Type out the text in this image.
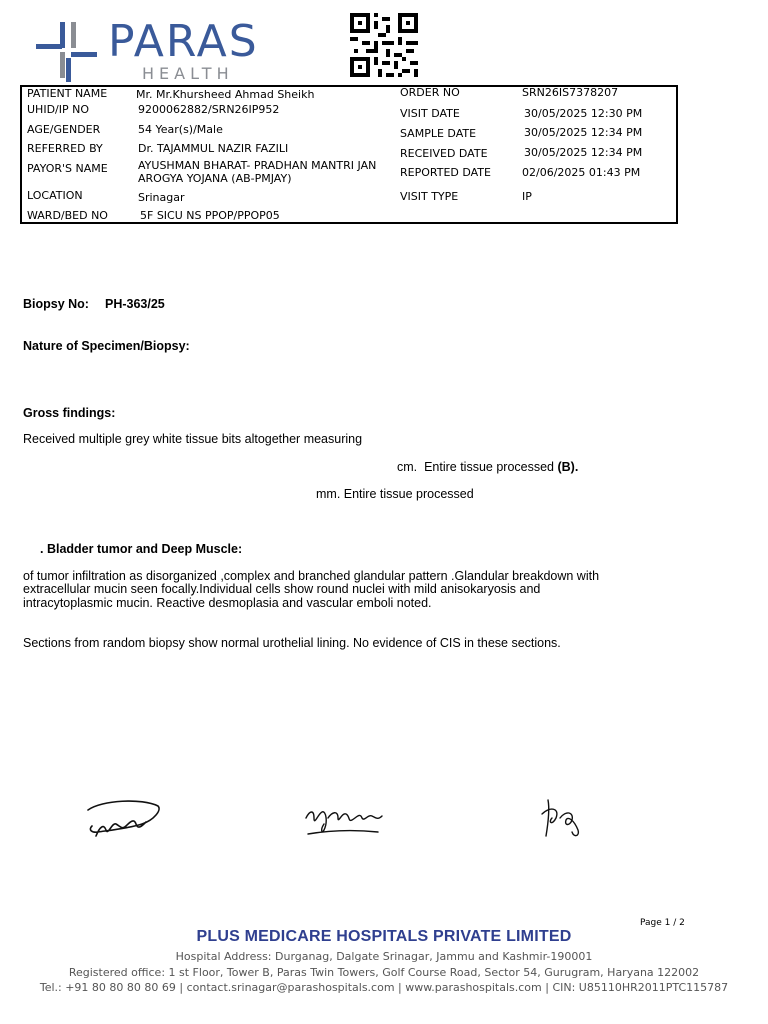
PARAS
HEALTH
PATIENT NAME	Mr. Mr.Khursheed Ahmad Sheikh
UHID/IP NO	9200062882/SRN26IP952
AGE/GENDER	54 Year(s)/Male
REFERRED BY	Dr. TAJAMMUL NAZIR FAZILI
PAYOR'S NAME	AYUSHMAN BHARAT- PRADHAN MANTRI JAN
AROGYA YOJANA (AB-PMJAY)
LOCATION	Srinagar
WARD/BED NO	5F SICU NS PPOP/PPOP05
ORDER NO	SRN26IS7378207
VISIT DATE	30/05/2025 12:30 PM
SAMPLE DATE	30/05/2025 12:34 PM
RECEIVED DATE	30/05/2025 12:34 PM
REPORTED DATE	02/06/2025 01:43 PM
VISIT TYPE	IP
Biopsy No: PH-363/25
Nature of Specimen/Biopsy:
Gross findings:
Received multiple grey white tissue bits altogether measuring
cm.  Entire tissue processed (B).
mm. Entire tissue processed
. Bladder tumor and Deep Muscle:
of tumor infiltration as disorganized ,complex and branched glandular pattern .Glandular breakdown with
extracellular mucin seen focally.Individual cells show round nuclei with mild anisokaryosis and
intracytoplasmic mucin. Reactive desmoplasia and vascular emboli noted.
Sections from random biopsy show normal urothelial lining. No evidence of CIS in these sections.
Page 1 / 2
PLUS MEDICARE HOSPITALS PRIVATE LIMITED
Hospital Address: Durganag, Dalgate Srinagar, Jammu and Kashmir-190001
Registered office: 1 st Floor, Tower B, Paras Twin Towers, Golf Course Road, Sector 54, Gurugram, Haryana 122002
Tel.: +91 80 80 80 80 69 | contact.srinagar@parashospitals.com | www.parashospitals.com | CIN: U85110HR2011PTC115787
